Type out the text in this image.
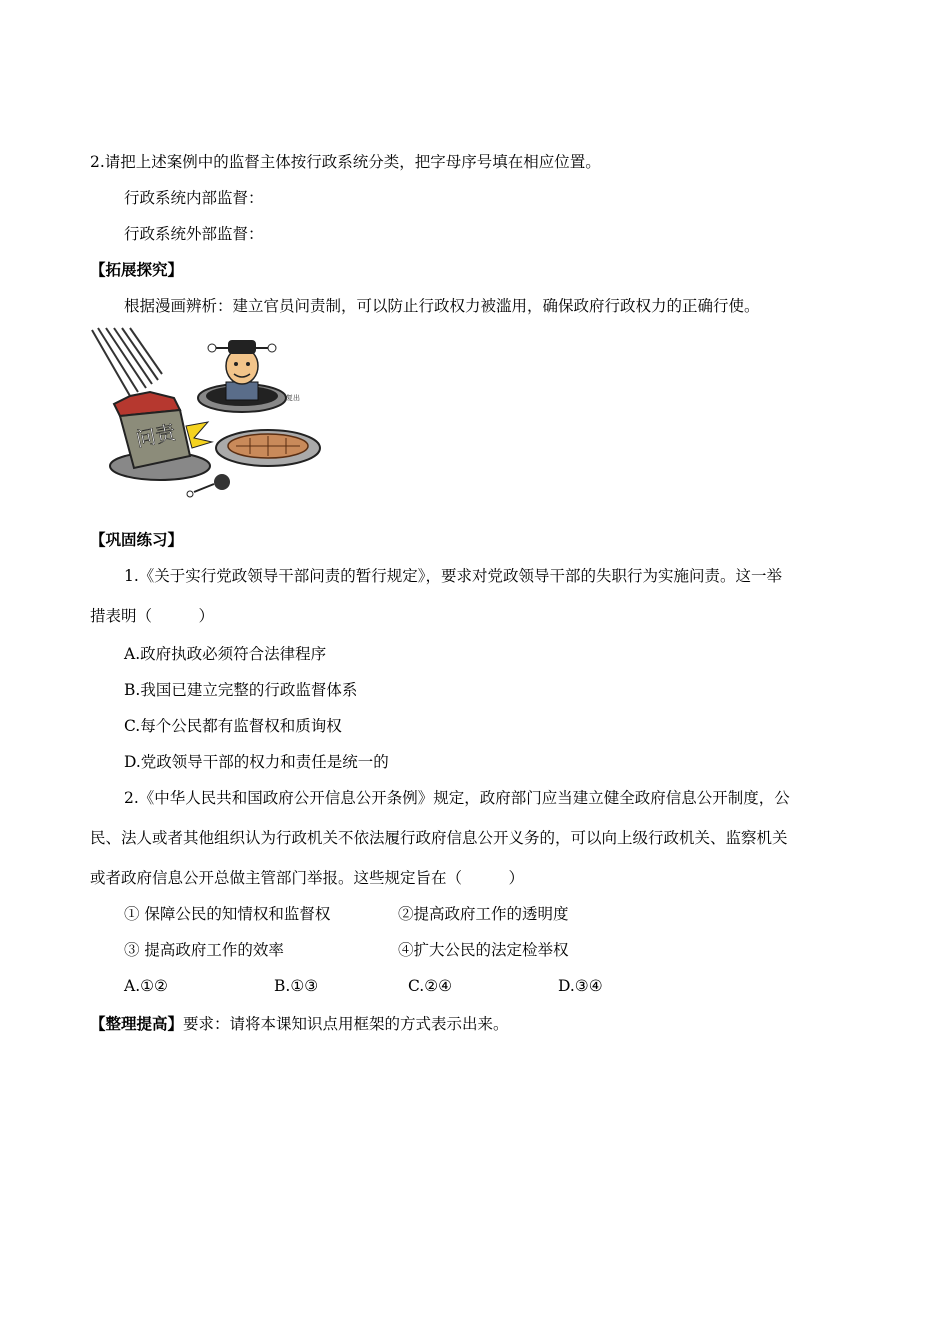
2.请把上述案例中的监督主体按行政系统分类，把字母序号填在相应位置。
行政系统内部监督：
行政系统外部监督：
【拓展探究】
根据漫画辨析：建立官员问责制，可以防止行政权力被滥用，确保政府行政权力的正确行使。
复出
问责
【巩固练习】
1.《关于实行党政领导干部问责的暂行规定》，要求对党政领导干部的失职行为实施问责。这一举
措表明（　　　）
A.政府执政必须符合法律程序
B.我国已建立完整的行政监督体系
C.每个公民都有监督权和质询权
D.党政领导干部的权力和责任是统一的
2.《中华人民共和国政府公开信息公开条例》规定，政府部门应当建立健全政府信息公开制度，公
民、法人或者其他组织认为行政机关不依法履行政府信息公开义务的，可以向上级行政机关、监察机关
或者政府信息公开总做主管部门举报。这些规定旨在（　　　）
① 保障公民的知情权和监督权	②提高政府工作的透明度
③ 提高政府工作的效率	④扩大公民的法定检举权
A.①②	B.①③	C.②④	D.③④
【整理提高】要求：请将本课知识点用框架的方式表示出来。
